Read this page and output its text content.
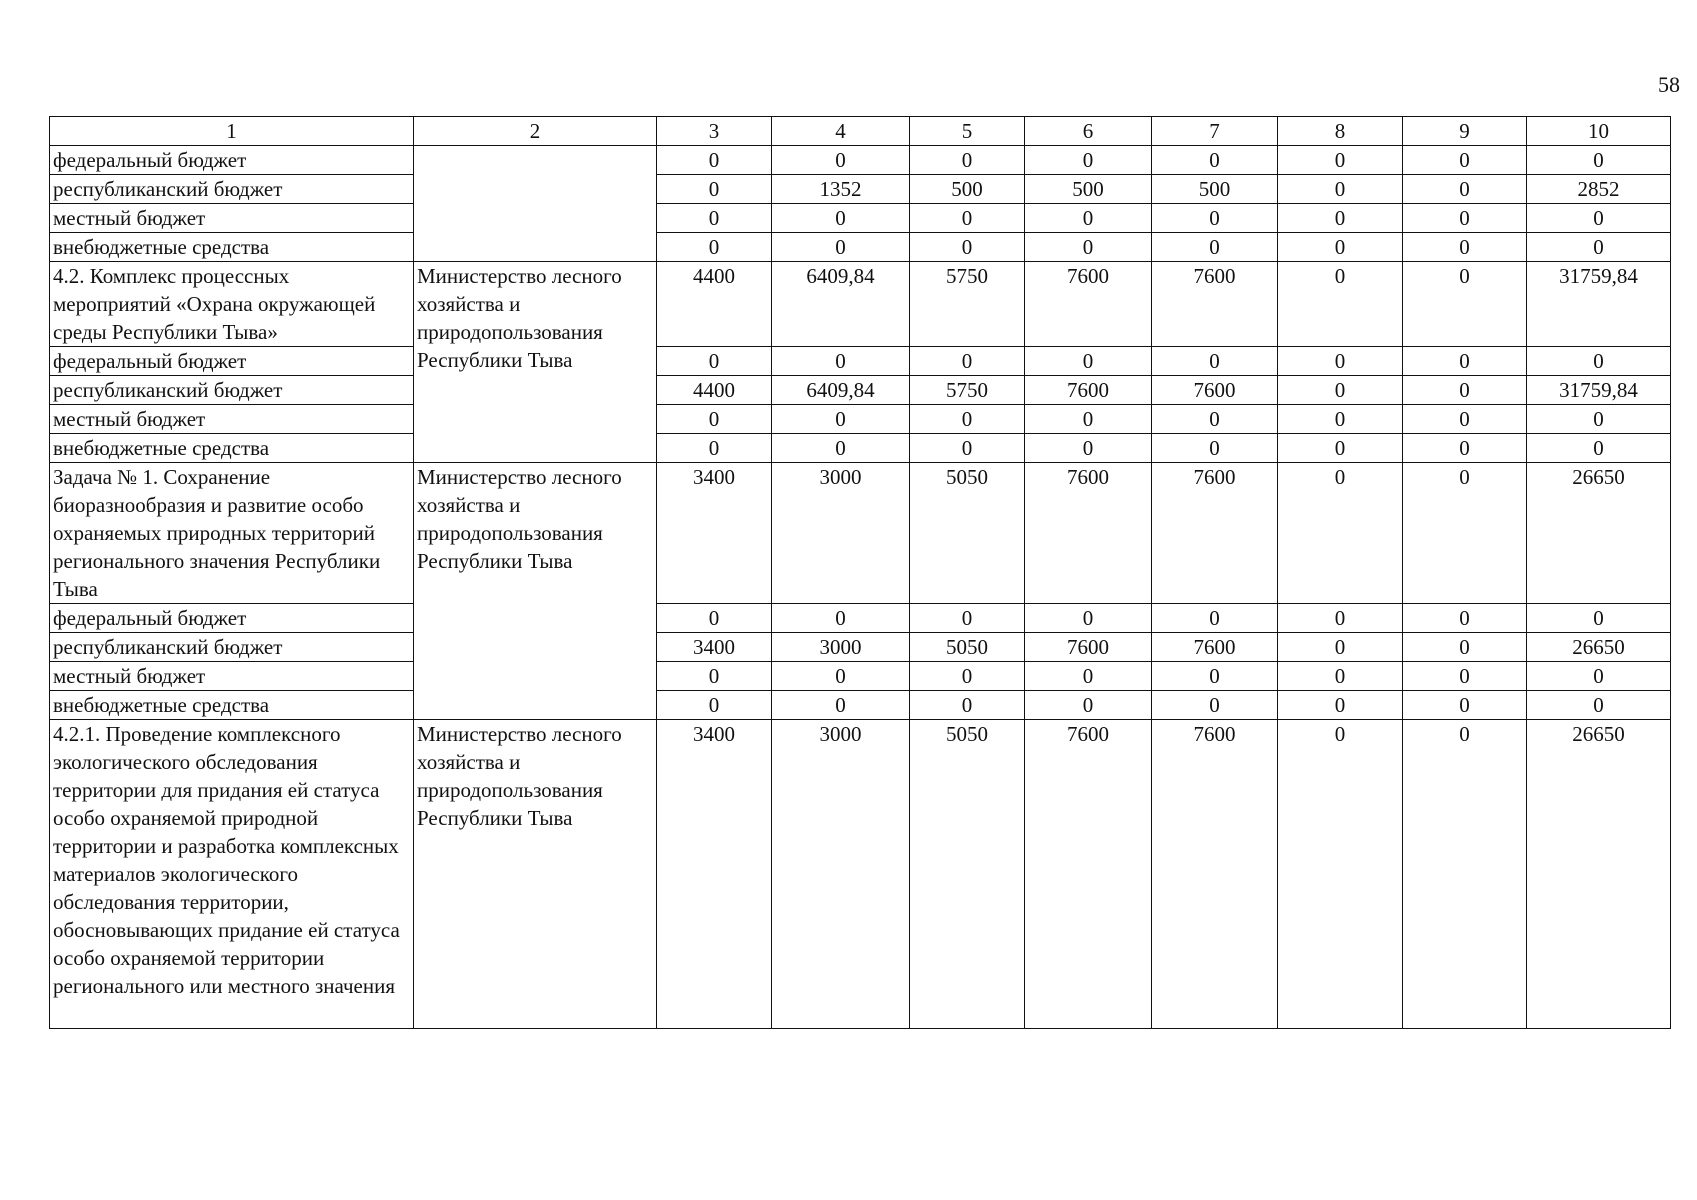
58
1	2	3	4	5	6	7	8	9	10
федеральный бюджет		0	0	0	0	0	0	0	0
республиканский бюджет		0	1352	500	500	500	0	0	2852
местный бюджет		0	0	0	0	0	0	0	0
внебюджетные средства		0	0	0	0	0	0	0	0
4.2. Комплекс процессных мероприятий «Охрана окружающей среды Республики Тыва»	Министерство лесного хозяйства и природопользования Республики Тыва	4400	6409,84	5750	7600	7600	0	0	31759,84
федеральный бюджет		0	0	0	0	0	0	0	0
республиканский бюджет		4400	6409,84	5750	7600	7600	0	0	31759,84
местный бюджет		0	0	0	0	0	0	0	0
внебюджетные средства		0	0	0	0	0	0	0	0
Задача № 1. Сохранение биоразнообразия и развитие особо охраняемых природных территорий регионального значения Республики Тыва	Министерство лесного хозяйства и природопользования Республики Тыва	3400	3000	5050	7600	7600	0	0	26650
федеральный бюджет		0	0	0	0	0	0	0	0
республиканский бюджет		3400	3000	5050	7600	7600	0	0	26650
местный бюджет		0	0	0	0	0	0	0	0
внебюджетные средства		0	0	0	0	0	0	0	0
4.2.1. Проведение комплексного экологического обследования территории для придания ей статуса особо охраняемой природной территории и разработка комплексных материалов экологического обследования территории, обосновывающих придание ей статуса особо охраняемой территории регионального или местного значения	Министерство лесного хозяйства и природопользования Республики Тыва	3400	3000	5050	7600	7600	0	0	26650
